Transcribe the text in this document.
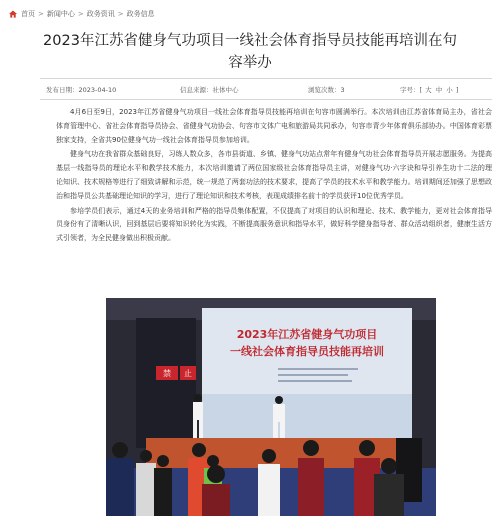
首页 > 新闻中心 > 政务资讯 > 政务信息
2023年江苏省健身气功项目一线社会体育指导员技能再培训在句容举办
发布日期：2023-04-10	信息来源：社体中心	浏览次数：3	字号：[ 大 中 小 ]

4月6日至9日，2023年江苏省健身气功项目一线社会体育指导员技能再培训在句容市圆满举行。本次培训由江苏省体育局主办，省社会体育管理中心、省社会体育指导员协会、省健身气功协会、句容市文体广电和旅游局共同承办，句容市青少年体育俱乐部协办。中国体育彩票独家支持，全省共90位健身气功一线社会体育指导员参加培训。

健身气功在我省群众基础良好，习练人数众多，各市县街道、乡镇、健身气功站点常年有健身气功社会体育指导员开展志愿服务。为提高基层一线指导员的理论水平和教学技术能力，本次培训邀请了两位国家级社会体育指导员主讲，对健身气功·六字诀和导引养生功十二法的理论知识、技术规格等进行了细致讲解和示范，统一规范了两套功法的技术要求，提高了学员的技术水平和教学能力。培训期间还加强了思想政治和指导员公共基础理论知识的学习，进行了理论知识和技术考核，表现成绩排名前十的学员获评10位优秀学员。

参培学员们表示，通过4天的业务培训和严格的指导员集体配置，不仅提高了对项目的认识和理论、技术、教学能力，更对社会体育指导员身份有了清晰认识，回到基层后要将知识转化为实践，不断提高服务意识和指导水平，做好科学健身指导者、群众活动组织者，健康生活方式引领者，为全民健身做出积极贡献。

禁 止
2023年江苏省健身气功项目
一线社会体育指导员技能再培训
